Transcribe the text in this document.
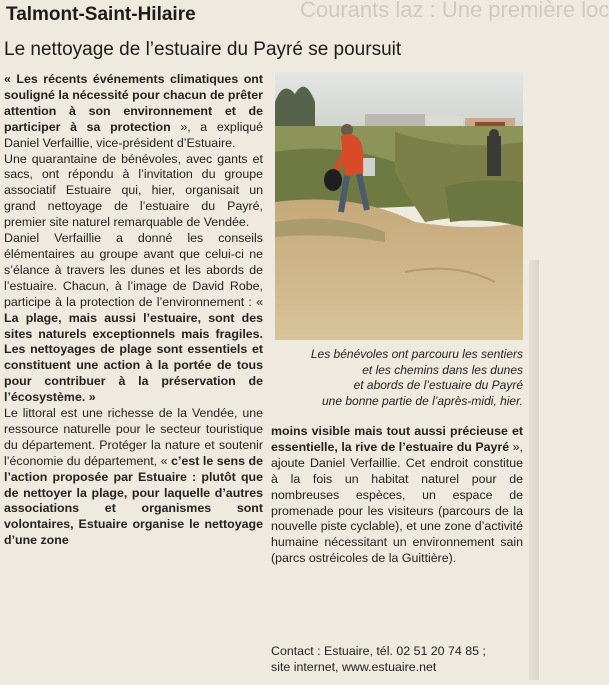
Courants laz : Une première loc
Talmont-Saint-Hilaire
Le nettoyage de l’estuaire du Payré se poursuit

« Les récents événements climatiques ont souligné la nécessité pour chacun de prêter attention à son environnement et de participer à sa protection », a expliqué Daniel Verfaillie, vice-président d’Estuaire.

Une quarantaine de bénévoles, avec gants et sacs, ont répondu à l’invitation du groupe associatif Estuaire qui, hier, organisait un grand nettoyage de l’estuaire du Payré, premier site naturel remarquable de Vendée.

Daniel Verfaillie a donné les conseils élémentaires au groupe avant que celui-ci ne s’élance à travers les dunes et les abords de l’estuaire. Chacun, à l’image de David Robe, participe à la protection de l’environnement : « La plage, mais aussi l’estuaire, sont des sites naturels exceptionnels mais fragiles. Les nettoyages de plage sont essentiels et constituent une action à la portée de tous pour contribuer à la préservation de l’écosystème. »

Le littoral est une richesse de la Vendée, une ressource naturelle pour le secteur touristique du département. Protéger la nature et soutenir l’économie du département, « c’est le sens de l’action proposée par Estuaire : plutôt que de nettoyer la plage, pour laquelle d’autres associations et organismes sont volontaires, Estuaire organise le nettoyage d’une zone

Les bénévoles ont parcouru les sentiers
et les chemins dans les dunes
et abords de l’estuaire du Payré
une bonne partie de l’après-midi, hier.

moins visible mais tout aussi précieuse et essentielle, la rive de l’estuaire du Payré », ajoute Daniel Verfaillie. Cet endroit constitue à la fois un habitat naturel pour de nombreuses espèces, un espace de promenade pour les visiteurs (parcours de la nouvelle piste cyclable), et une zone d’activité humaine nécessitant un environnement sain (parcs ostréicoles de la Guittière).

Contact : Estuaire, tél. 02 51 20 74 85 ;
site internet, www.estuaire.net
